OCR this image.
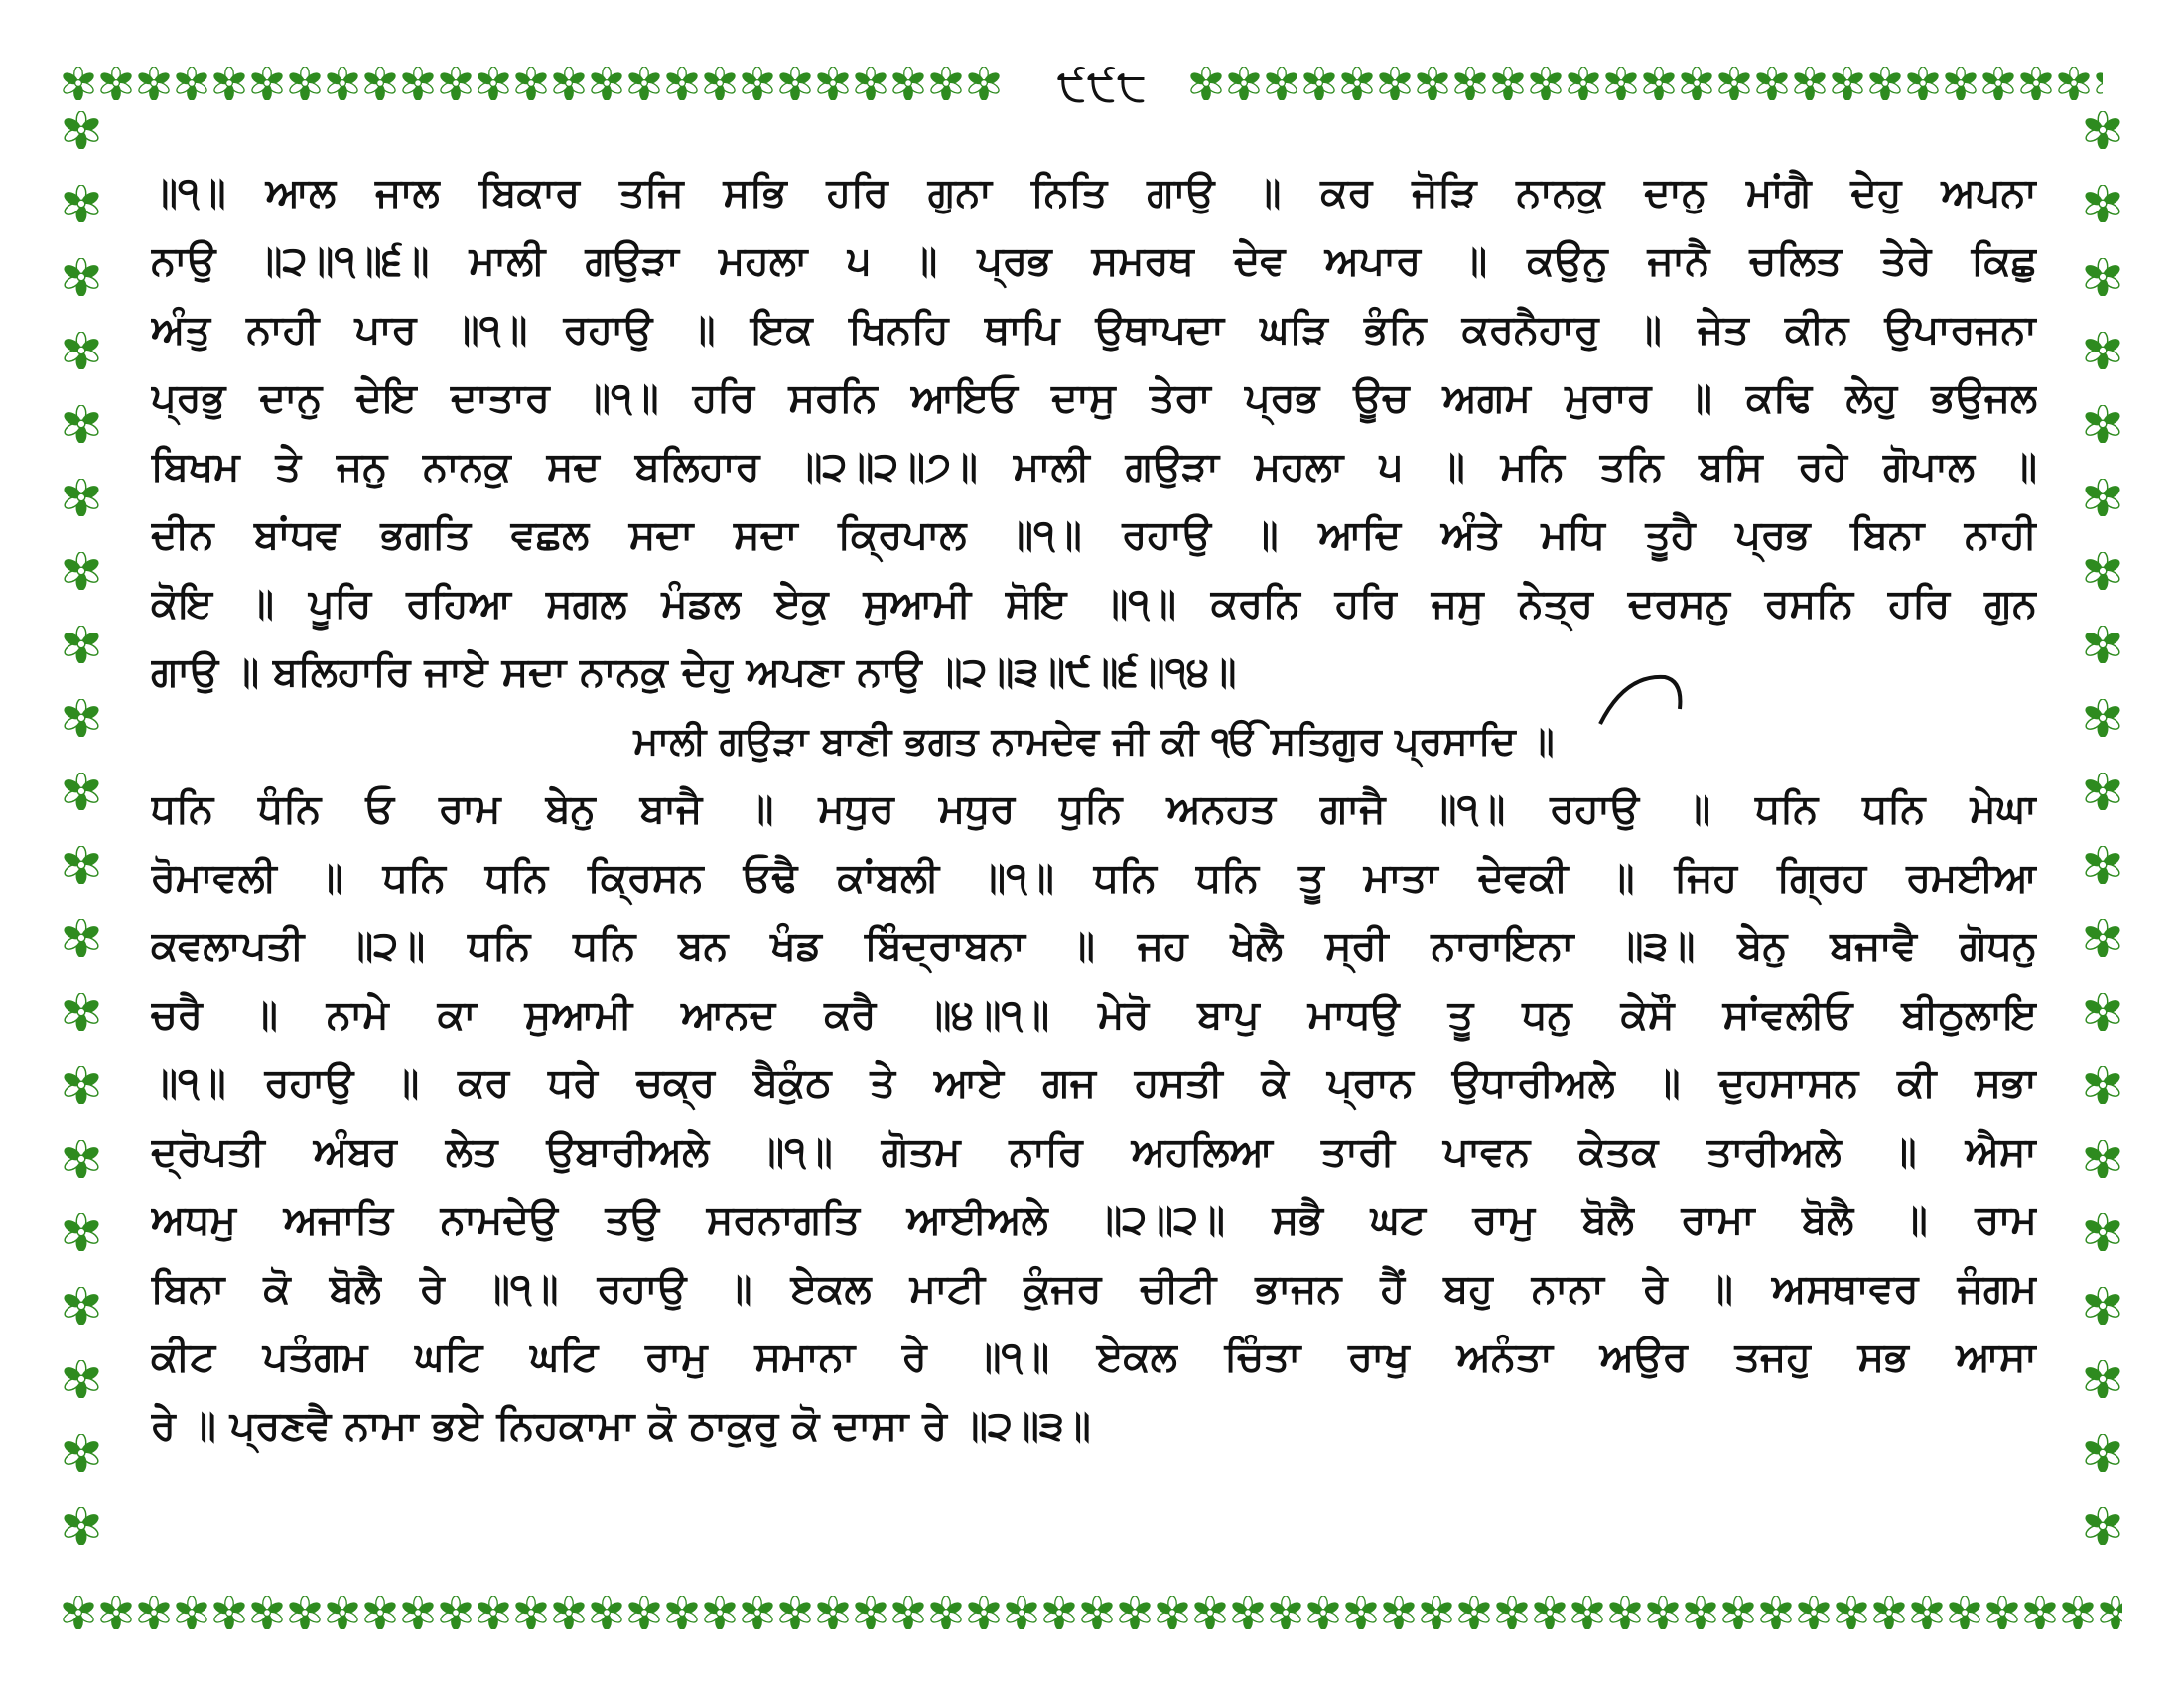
੯੯੮
॥੧॥ ਆਲ ਜਾਲ ਬਿਕਾਰ ਤਜਿ ਸਭਿ ਹਰਿ ਗੁਨਾ ਨਿਤਿ ਗਾਉ ॥ ਕਰ ਜੋੜਿ ਨਾਨਕੁ ਦਾਨੁ ਮਾਂਗੈ ਦੇਹੁ ਅਪਨਾ
ਨਾਉ ॥੨॥੧॥੬॥ ਮਾਲੀ ਗਉੜਾ ਮਹਲਾ ੫ ॥ ਪ੍ਰਭ ਸਮਰਥ ਦੇਵ ਅਪਾਰ ॥ ਕਉਨੁ ਜਾਨੈ ਚਲਿਤ ਤੇਰੇ ਕਿਛੁ
ਅੰਤੁ ਨਾਹੀ ਪਾਰ ॥੧॥ ਰਹਾਉ ॥ ਇਕ ਖਿਨਹਿ ਥਾਪਿ ਉਥਾਪਦਾ ਘੜਿ ਭੰਨਿ ਕਰਨੈਹਾਰੁ ॥ ਜੇਤ ਕੀਨ ਉਪਾਰਜਨਾ
ਪ੍ਰਭੁ ਦਾਨੁ ਦੇਇ ਦਾਤਾਰ ॥੧॥ ਹਰਿ ਸਰਨਿ ਆਇਓ ਦਾਸੁ ਤੇਰਾ ਪ੍ਰਭ ਊਚ ਅਗਮ ਮੁਰਾਰ ॥ ਕਢਿ ਲੇਹੁ ਭਉਜਲ
ਬਿਖਮ ਤੇ ਜਨੁ ਨਾਨਕੁ ਸਦ ਬਲਿਹਾਰ ॥੨॥੨॥੭॥ ਮਾਲੀ ਗਉੜਾ ਮਹਲਾ ੫ ॥ ਮਨਿ ਤਨਿ ਬਸਿ ਰਹੇ ਗੋਪਾਲ ॥
ਦੀਨ ਬਾਂਧਵ ਭਗਤਿ ਵਛਲ ਸਦਾ ਸਦਾ ਕ੍ਰਿਪਾਲ ॥੧॥ ਰਹਾਉ ॥ ਆਦਿ ਅੰਤੇ ਮਧਿ ਤੂਹੈ ਪ੍ਰਭ ਬਿਨਾ ਨਾਹੀ
ਕੋਇ ॥ ਪੂਰਿ ਰਹਿਆ ਸਗਲ ਮੰਡਲ ਏਕੁ ਸੁਆਮੀ ਸੋਇ ॥੧॥ ਕਰਨਿ ਹਰਿ ਜਸੁ ਨੇਤ੍ਰ ਦਰਸਨੁ ਰਸਨਿ ਹਰਿ ਗੁਨ
ਗਾਉ ॥ ਬਲਿਹਾਰਿ ਜਾਏ ਸਦਾ ਨਾਨਕੁ ਦੇਹੁ ਅਪਣਾ ਨਾਉ ॥੨॥੩॥੯॥੬॥੧੪॥
ਮਾਲੀ ਗਉੜਾ ਬਾਣੀ ਭਗਤ ਨਾਮਦੇਵ ਜੀ ਕੀ ੴ ਸਤਿਗੁਰ ਪ੍ਰਸਾਦਿ ॥
ਧਨਿ ਧੰਨਿ ਓ ਰਾਮ ਬੇਨੁ ਬਾਜੈ ॥ ਮਧੁਰ ਮਧੁਰ ਧੁਨਿ ਅਨਹਤ ਗਾਜੈ ॥੧॥ ਰਹਾਉ ॥ ਧਨਿ ਧਨਿ ਮੇਘਾ
ਰੋਮਾਵਲੀ ॥ ਧਨਿ ਧਨਿ ਕ੍ਰਿਸਨ ਓਢੈ ਕਾਂਬਲੀ ॥੧॥ ਧਨਿ ਧਨਿ ਤੂ ਮਾਤਾ ਦੇਵਕੀ ॥ ਜਿਹ ਗ੍ਰਿਹ ਰਮਈਆ
ਕਵਲਾਪਤੀ ॥੨॥ ਧਨਿ ਧਨਿ ਬਨ ਖੰਡ ਬਿੰਦ੍ਰਾਬਨਾ ॥ ਜਹ ਖੇਲੈ ਸ੍ਰੀ ਨਾਰਾਇਨਾ ॥੩॥ ਬੇਨੁ ਬਜਾਵੈ ਗੋਧਨੁ
ਚਰੈ ॥ ਨਾਮੇ ਕਾ ਸੁਆਮੀ ਆਨਦ ਕਰੈ ॥੪॥੧॥ ਮੇਰੋ ਬਾਪੁ ਮਾਧਉ ਤੂ ਧਨੁ ਕੇਸੌ ਸਾਂਵਲੀਓ ਬੀਠੁਲਾਇ
॥੧॥ ਰਹਾਉ ॥ ਕਰ ਧਰੇ ਚਕ੍ਰ ਬੈਕੁੰਠ ਤੇ ਆਏ ਗਜ ਹਸਤੀ ਕੇ ਪ੍ਰਾਨ ਉਧਾਰੀਅਲੇ ॥ ਦੁਹਸਾਸਨ ਕੀ ਸਭਾ
ਦ੍ਰੋਪਤੀ ਅੰਬਰ ਲੇਤ ਉਬਾਰੀਅਲੇ ॥੧॥ ਗੋਤਮ ਨਾਰਿ ਅਹਲਿਆ ਤਾਰੀ ਪਾਵਨ ਕੇਤਕ ਤਾਰੀਅਲੇ ॥ ਐਸਾ
ਅਧਮੁ ਅਜਾਤਿ ਨਾਮਦੇਉ ਤਉ ਸਰਨਾਗਤਿ ਆਈਅਲੇ ॥੨॥੨॥ ਸਭੈ ਘਟ ਰਾਮੁ ਬੋਲੈ ਰਾਮਾ ਬੋਲੈ ॥ ਰਾਮ
ਬਿਨਾ ਕੋ ਬੋਲੈ ਰੇ ॥੧॥ ਰਹਾਉ ॥ ਏਕਲ ਮਾਟੀ ਕੁੰਜਰ ਚੀਟੀ ਭਾਜਨ ਹੈਂ ਬਹੁ ਨਾਨਾ ਰੇ ॥ ਅਸਥਾਵਰ ਜੰਗਮ
ਕੀਟ ਪਤੰਗਮ ਘਟਿ ਘਟਿ ਰਾਮੁ ਸਮਾਨਾ ਰੇ ॥੧॥ ਏਕਲ ਚਿੰਤਾ ਰਾਖੁ ਅਨੰਤਾ ਅਉਰ ਤਜਹੁ ਸਭ ਆਸਾ
ਰੇ ॥ ਪ੍ਰਣਵੈ ਨਾਮਾ ਭਏ ਨਿਹਕਾਮਾ ਕੋ ਠਾਕੁਰੁ ਕੋ ਦਾਸਾ ਰੇ ॥੨॥੩॥
